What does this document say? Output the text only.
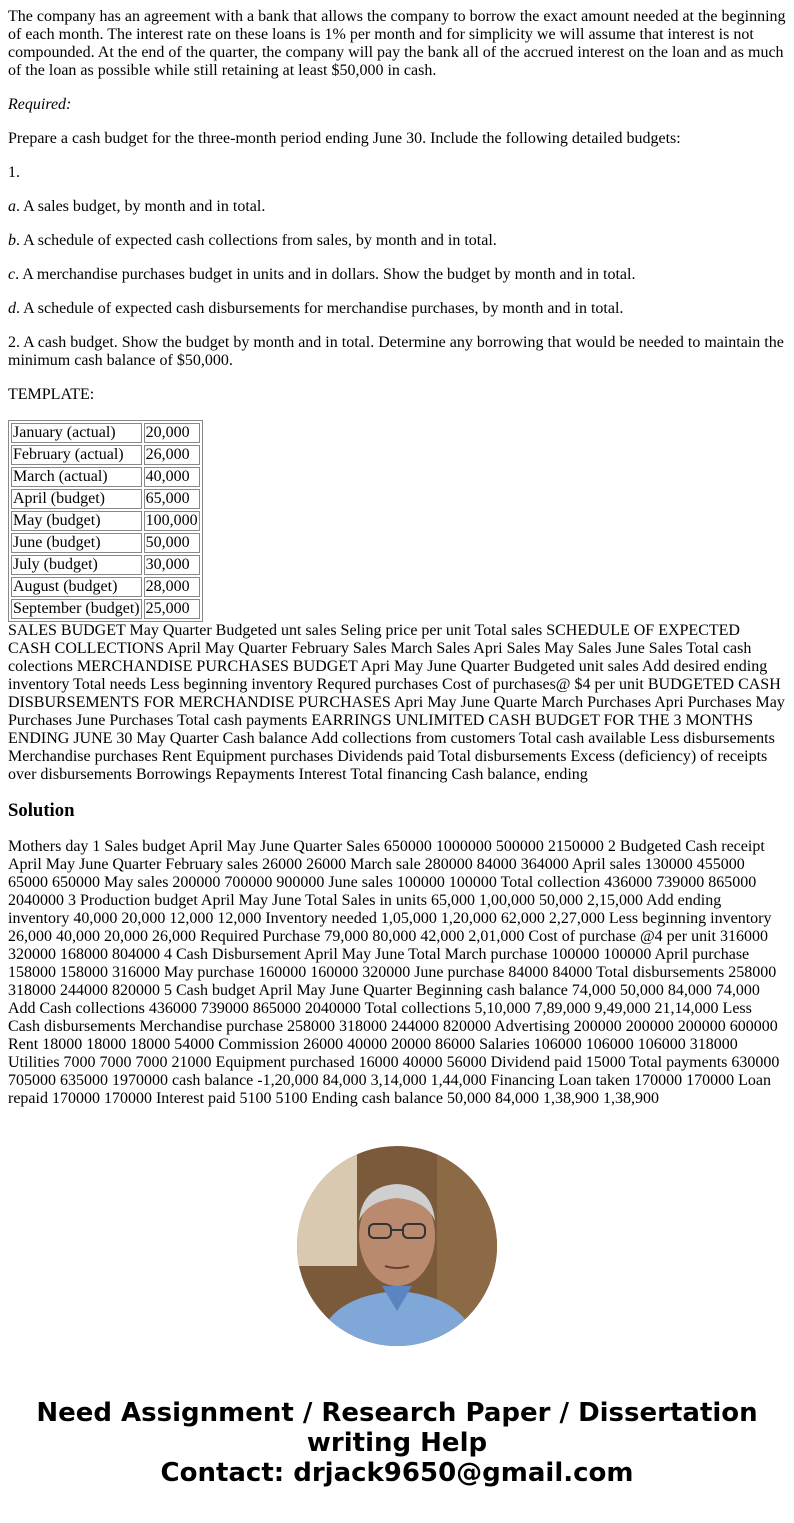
The company has an agreement with a bank that allows the company to borrow the exact amount needed at the beginning of each month. The interest rate on these loans is 1% per month and for simplicity we will assume that interest is not compounded. At the end of the quarter, the company will pay the bank all of the accrued interest on the loan and as much of the loan as possible while still retaining at least $50,000 in cash.

Required:

Prepare a cash budget for the three-month period ending June 30. Include the following detailed budgets:

1.

a. A sales budget, by month and in total.

b. A schedule of expected cash collections from sales, by month and in total.

c. A merchandise purchases budget in units and in dollars. Show the budget by month and in total.

d. A schedule of expected cash disbursements for merchandise purchases, by month and in total.

2. A cash budget. Show the budget by month and in total. Determine any borrowing that would be needed to maintain the minimum cash balance of $50,000.

TEMPLATE:

January (actual)	20,000
February (actual)	26,000
March (actual)	40,000
April (budget)	65,000
May (budget)	100,000
June (budget)	50,000
July (budget)	30,000
August (budget)	28,000
September (budget)	25,000
SALES BUDGET May Quarter Budgeted unt sales Seling price per unit Total sales SCHEDULE OF EXPECTED CASH COLLECTIONS April May Quarter February Sales March Sales Apri Sales May Sales June Sales Total cash colections MERCHANDISE PURCHASES BUDGET Apri May June Quarter Budgeted unit sales Add desired ending inventory Total needs Less beginning inventory Requred purchases Cost of purchases@ $4 per unit BUDGETED CASH DISBURSEMENTS FOR MERCHANDISE PURCHASES Apri May June Quarte March Purchases Apri Purchases May Purchases June Purchases Total cash payments EARRINGS UNLIMITED CASH BUDGET FOR THE 3 MONTHS ENDING JUNE 30 May Quarter Cash balance Add collections from customers Total cash available Less disbursements Merchandise purchases Rent Equipment purchases Dividends paid Total disbursements Excess (deficiency) of receipts over disbursements Borrowings Repayments Interest Total financing Cash balance, ending
Solution

Mothers day 1 Sales budget April May June Quarter Sales 650000 1000000 500000 2150000 2 Budgeted Cash receipt April May June Quarter February sales 26000 26000 March sale 280000 84000 364000 April sales 130000 455000 65000 650000 May sales 200000 700000 900000 June sales 100000 100000 Total collection 436000 739000 865000 2040000 3 Production budget April May June Total Sales in units 65,000 1,00,000 50,000 2,15,000 Add ending inventory 40,000 20,000 12,000 12,000 Inventory needed 1,05,000 1,20,000 62,000 2,27,000 Less beginning inventory 26,000 40,000 20,000 26,000 Required Purchase 79,000 80,000 42,000 2,01,000 Cost of purchase @4 per unit 316000 320000 168000 804000 4 Cash Disbursement April May June Total March purchase 100000 100000 April purchase 158000 158000 316000 May purchase 160000 160000 320000 June purchase 84000 84000 Total disbursements 258000 318000 244000 820000 5 Cash budget April May June Quarter Beginning cash balance 74,000 50,000 84,000 74,000 Add Cash collections 436000 739000 865000 2040000 Total collections 5,10,000 7,89,000 9,49,000 21,14,000 Less Cash disbursements Merchandise purchase 258000 318000 244000 820000 Advertising 200000 200000 200000 600000 Rent 18000 18000 18000 54000 Commission 26000 40000 20000 86000 Salaries 106000 106000 106000 318000 Utilities 7000 7000 7000 21000 Equipment purchased 16000 40000 56000 Dividend paid 15000 Total payments 630000 705000 635000 1970000 cash balance -1,20,000 84,000 3,14,000 1,44,000 Financing Loan taken 170000 170000 Loan repaid 170000 170000 Interest paid 5100 5100 Ending cash balance 50,000 84,000 1,38,900 1,38,900

Need Assignment / Research Paper / Dissertation writing Help
Contact: drjack9650@gmail.com
